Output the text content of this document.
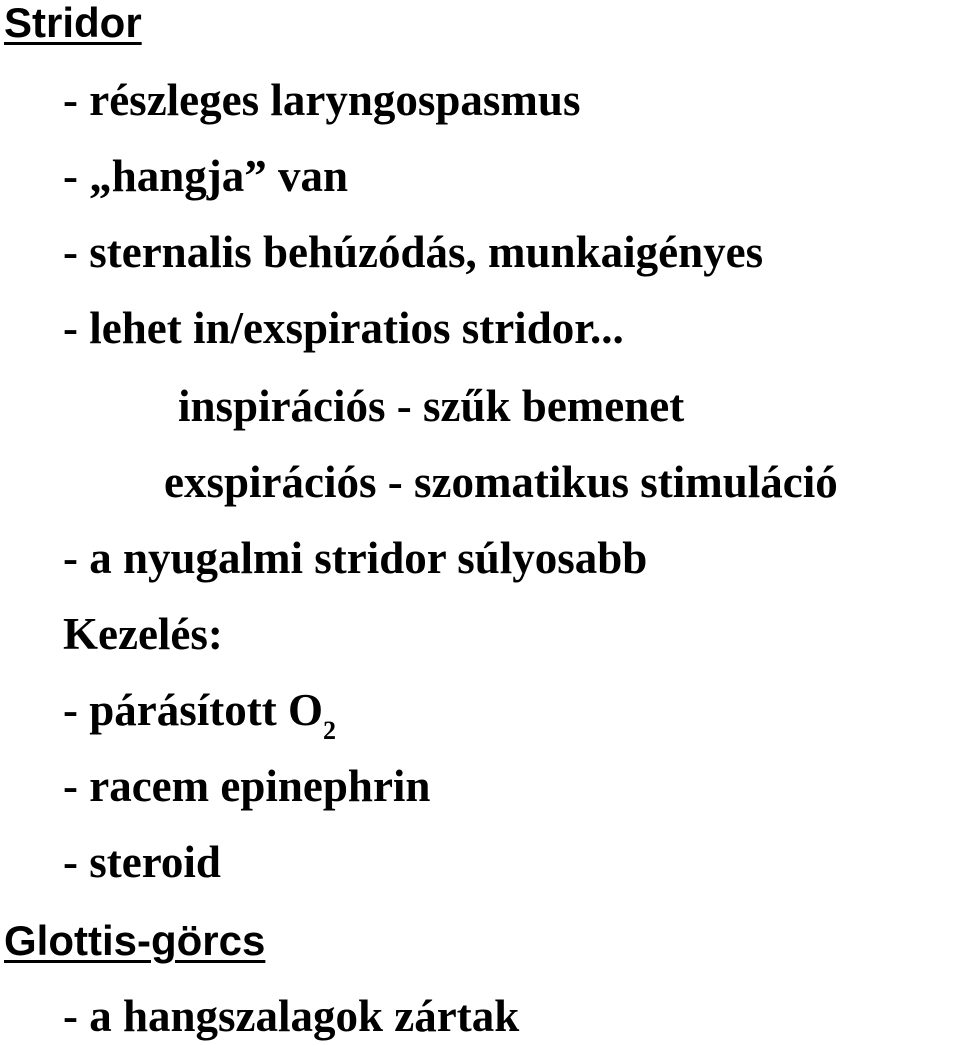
Stridor

- részleges laryngospasmus

- „hangja” van

- sternalis behúzódás, munkaigényes

- lehet in/exspiratios stridor...

inspirációs - szűk bemenet

exspirációs - szomatikus stimuláció

- a nyugalmi stridor súlyosabb

Kezelés:

- párásított $O_2$

- racem epinephrin

- steroid

Glottis-görcs

- a hangszalagok zártak
